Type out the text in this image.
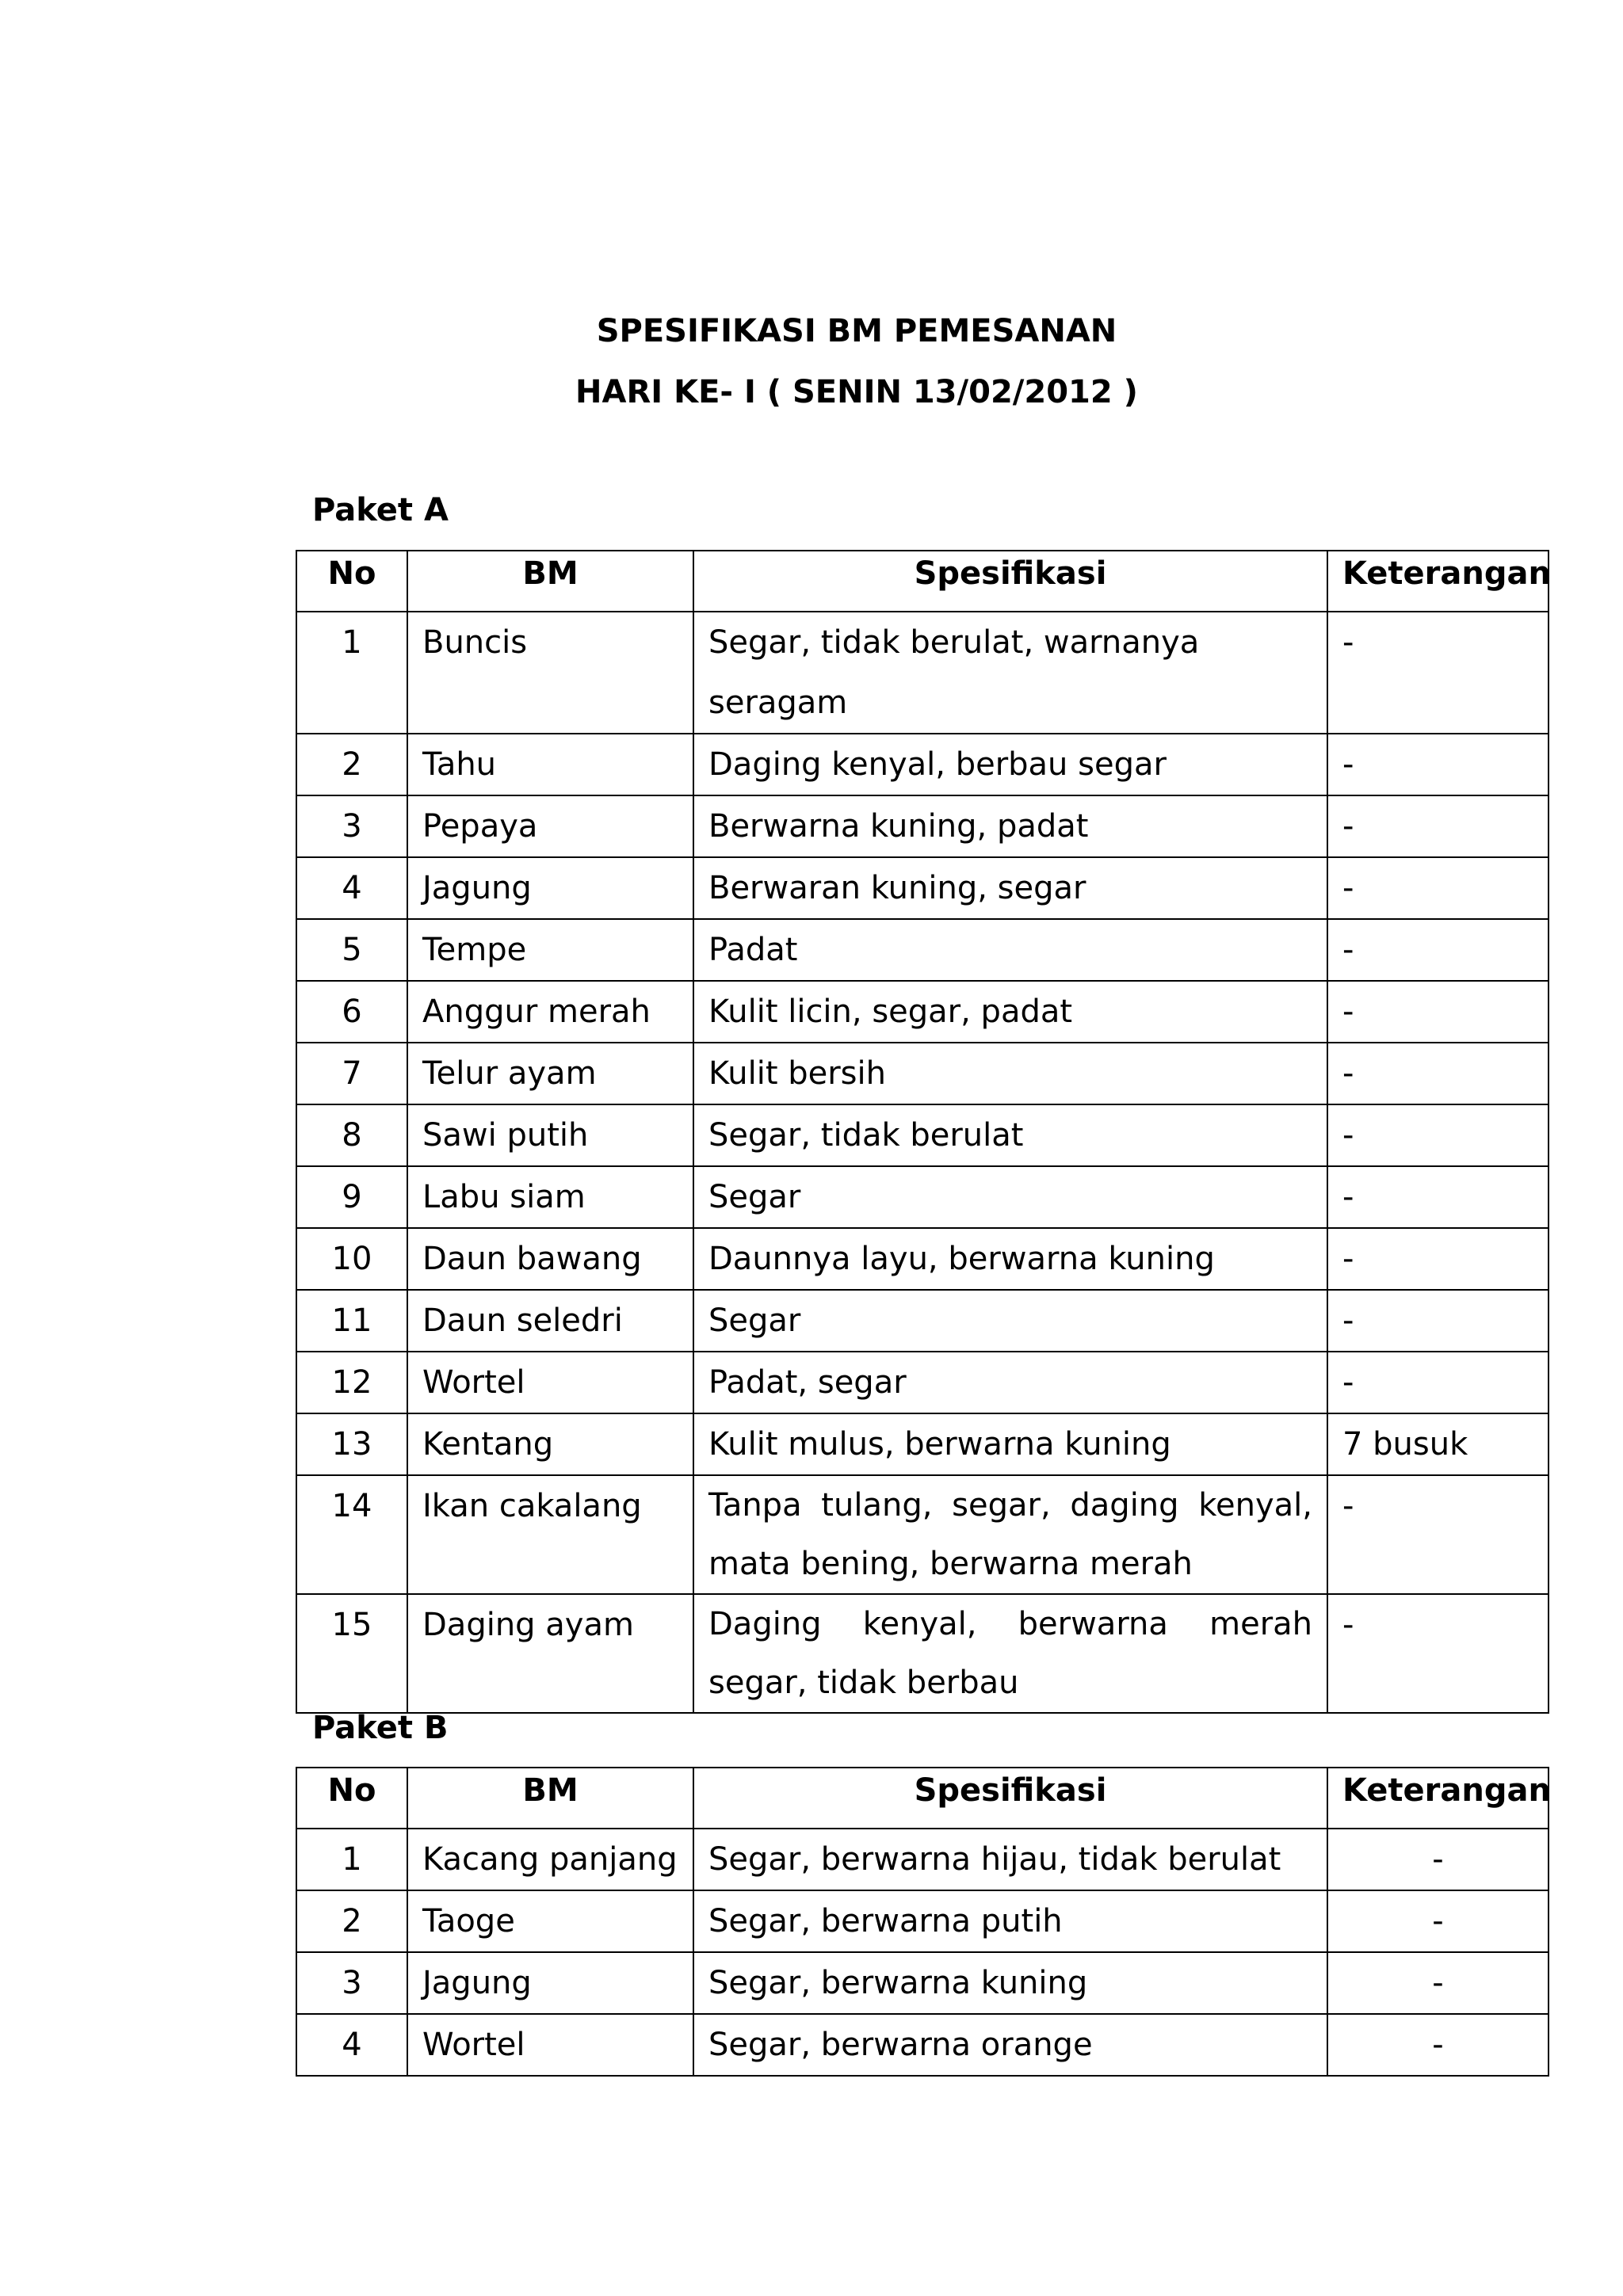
SPESIFIKASI BM PEMESANAN
HARI KE- I ( SENIN 13/02/2012 )
Paket A
No	BM	Spesifikasi	Keterangan
1	Buncis	Segar, tidak berulat, warnanya seragam	-
2	Tahu	Daging kenyal, berbau segar	-
3	Pepaya	Berwarna kuning, padat	-
4	Jagung	Berwaran kuning, segar	-
5	Tempe	Padat	-
6	Anggur merah	Kulit licin, segar, padat	-
7	Telur ayam	Kulit bersih	-
8	Sawi putih	Segar, tidak berulat	-
9	Labu siam	Segar	-
10	Daun bawang	Daunnya layu, berwarna kuning	-
11	Daun seledri	Segar	-
12	Wortel	Padat, segar	-
13	Kentang	Kulit mulus, berwarna kuning	7 busuk
14	Ikan cakalang	Tanpa tulang, segar, daging kenyal, mata bening, berwarna merah	-
15	Daging ayam	Daging kenyal, berwarna merah segar, tidak berbau	-
Paket B
No	BM	Spesifikasi	Keterangan
1	Kacang panjang	Segar, berwarna hijau, tidak berulat	-
2	Taoge	Segar, berwarna putih	-
3	Jagung	Segar, berwarna kuning	-
4	Wortel	Segar, berwarna orange	-
